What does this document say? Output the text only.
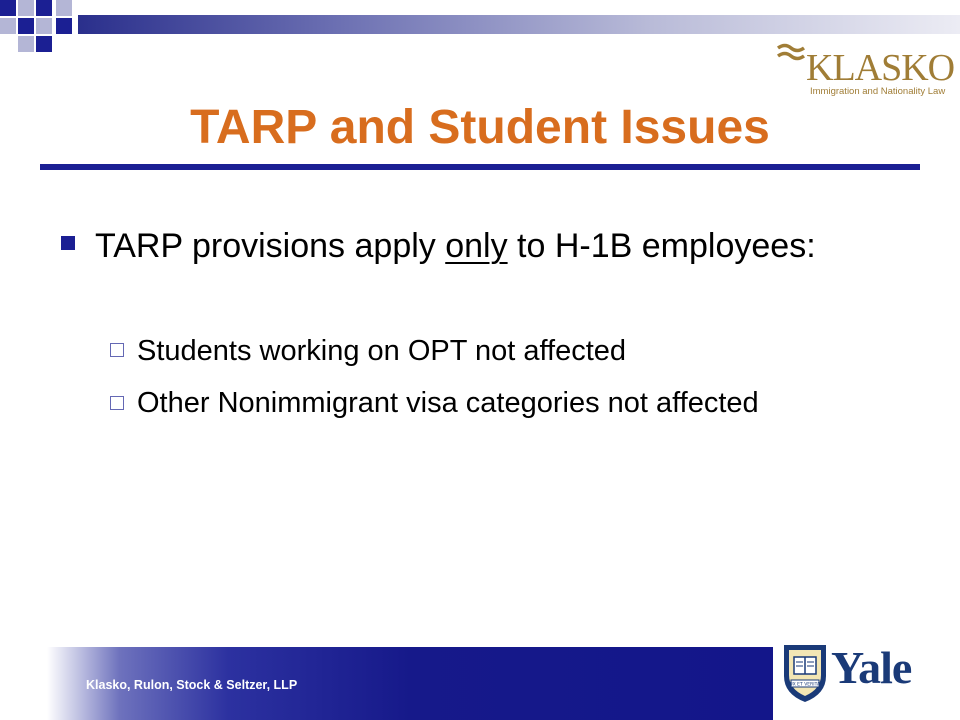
KLASKO
Immigration and Nationality Law
TARP and Student Issues
TARP provisions apply only to H-1B employees:
Students working on OPT not affected
Other Nonimmigrant visa categories not affected
Klasko, Rulon, Stock & Seltzer, LLP	LUX ET VERITAS Yale
